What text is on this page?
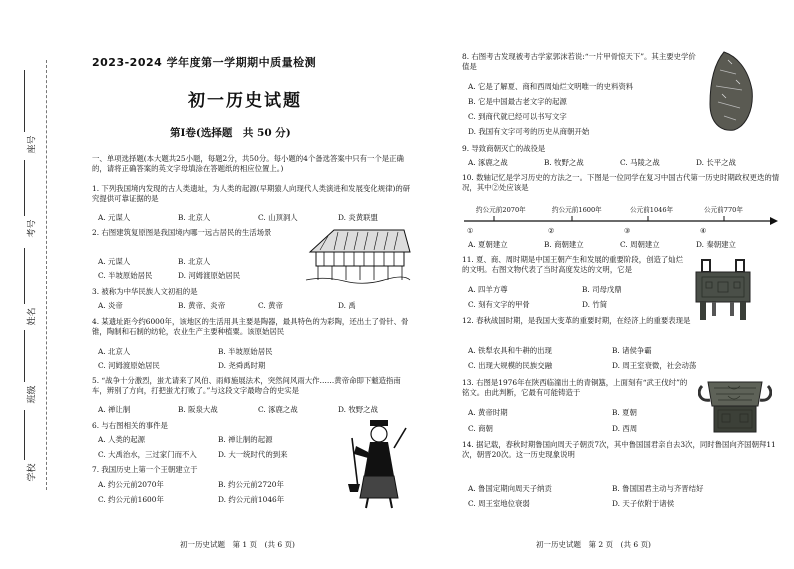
学校
班级
姓名
考号
座号
2023-2024 学年度第一学期期中质量检测
初一历史试题
第Ⅰ卷(选择题　共 50 分)
一、单项选择题(本大题共25小题，每题2分，共50分。每小题的4个备选答案中只有一个是正确的，请将正确答案的英文字母填涂在答题纸的相应位置上。)
1. 下列我国境内发现的古人类遗址，为人类的起源(早期猿人向现代人类演进和发展变化规律)的研究提供可靠证据的是
A. 元谋人	B. 北京人	C. 山顶洞人	D. 炎黄联盟
2. 右图建筑复原图是我国境内哪一远古居民的生活场景
A. 元谋人	B. 北京人
C. 半坡原始居民	D. 河姆渡原始居民
3. 被称为中华民族人文初祖的是
A. 炎帝	B. 黄帝、炎帝	C. 黄帝	D. 禹
4. 某遗址距今约6000年，该地区的生活用具主要是陶器，最具特色的为彩陶，还出土了骨针、骨锥，陶制和石制的纺轮，农业生产主要种植粟。该原始居民
A. 北京人	B. 半坡原始居民
C. 河姆渡原始居民	D. 尧舜禹时期
5. “战争十分激烈，蚩尤请来了风伯、雨师施展法术，突然间风雨大作……黄帝命即下魃造指南车，辨别了方向，打把蚩尤打败了。”与这段文字最吻合的史实是
A. 禅让制	B. 阪泉大战	C. 涿鹿之战	D. 牧野之战
6. 与右图相关的事件是
A. 人类的起源	B. 禅让制的起源
C. 大禹治水，三过家门而不入	D. 大一统时代的到来
7. 我国历史上第一个王朝建立于
A. 约公元前2070年	B. 约公元前2720年
C. 约公元前1600年	D. 约公元前1046年
初一历史试题　第 1 页　(共 6 页)
8. 右图考古发现被考古学家郭沫若说:“一片甲骨惊天下”。其主要史学价值是
A. 它是了解夏、商和西周灿烂文明唯一的史料资料
B. 它是中国最古老文字的起源
C. 到商代就已经可以书写文字
D. 我国有文字可考的历史从商朝开始
9. 导致商朝灭亡的战役是
A. 涿鹿之战	B. 牧野之战	C. 马陵之战	D. 长平之战
10. 数轴记忆是学习历史的方法之一。下图是一位同学在复习中国古代第一历史时期政权更迭的情况，其中②处应该是
约公元前2070年	约公元前1600年	公元前1046年	公元前770年
①	②	③	④
A. 夏朝建立	B. 商朝建立	C. 周朝建立	D. 秦朝建立
11. 夏、商、周时期是中国王朝产生和发展的重要阶段，创造了灿烂的文明。右图文物代表了当时高度发达的文明，它是
A. 四羊方尊	B. 司母戊鼎
C. 刻有文字的甲骨	D. 竹简
12. 春秋战国时期，是我国大变革的重要时期，在经济上的重要表现是
A. 铁犁农具和牛耕的出现	B. 诸侯争霸
C. 出现大规模的民族交融	D. 周王室衰微，社会动荡
13. 右图是1976年在陕西临潼出土的青铜簋，上面刻有“武王伐纣”的铭文。由此判断，它最有可能铸造于
A. 黄帝时期	B. 夏朝
C. 商朝	D. 西周
14. 据记载，春秋时期鲁国向周天子朝贡7次，其中鲁国国君亲自去3次，同时鲁国向齐国朝拜11次，朝晋20次。这一历史现象说明
A. 鲁国定期向周天子纳贡	B. 鲁国国君主动与齐晋结好
C. 周王室地位衰弱	D. 天子依附于诸侯
初一历史试题　第 2 页　(共 6 页)
